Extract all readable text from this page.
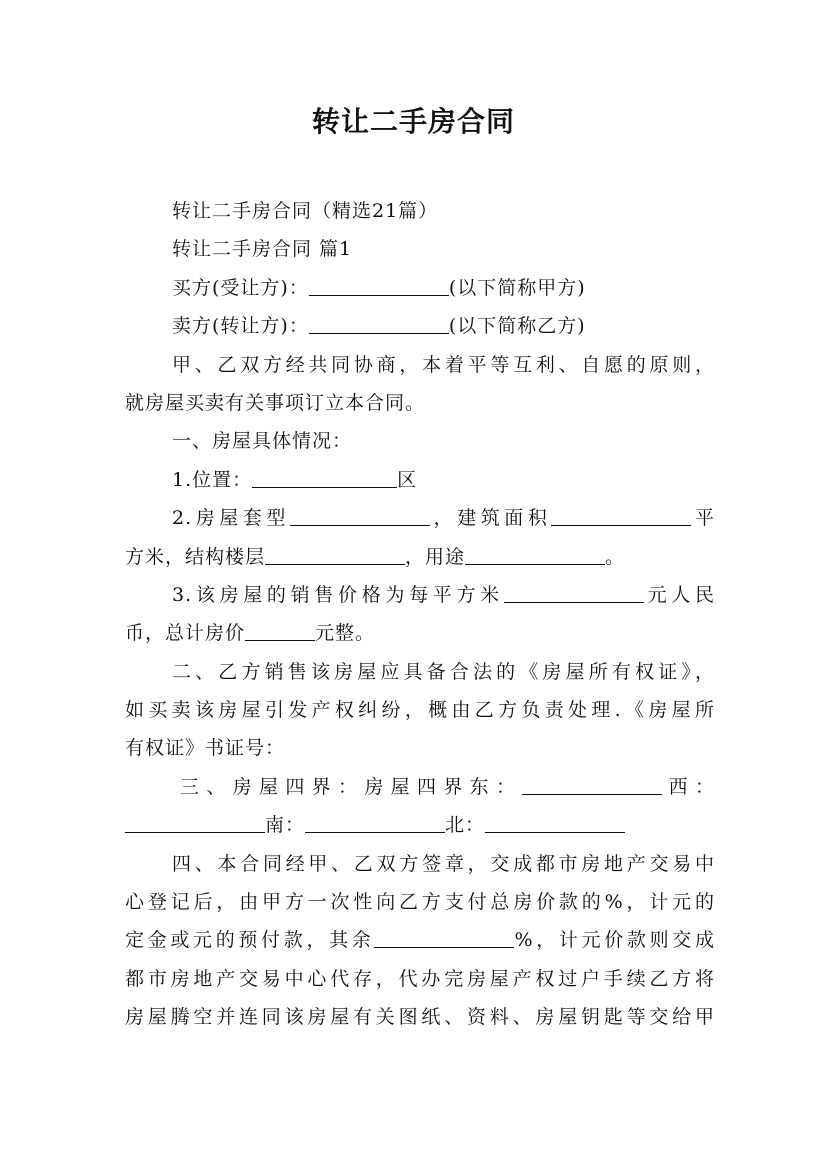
转让二手房合同
转让二手房合同（精选21篇）
转让二手房合同 篇1
买方(受让方)：	(以下简称甲方)
卖方(转让方)：	(以下简称乙方)
甲、乙双方经共同协商，本着平等互利、自愿的原则，
就房屋买卖有关事项订立本合同。
一、房屋具体情况：
1.位置：	区
2.房屋套型	，建筑面积	平
方米，结构楼层	，用途	。
3.该房屋的销售价格为每平方米	元人民
币，总计房价	元整。
二、乙方销售该房屋应具备合法的《房屋所有权证》，
如买卖该房屋引发产权纠纷，概由乙方负责处理.《房屋所
有权证》书证号：
三、房屋四界：房屋四界东：	西：
南：	北：
四、本合同经甲、乙双方签章，交成都市房地产交易中
心登记后，由甲方一次性向乙方支付总房价款的%，计元的
定金或元的预付款，其余	%，计元价款则交成
都市房地产交易中心代存，代办完房屋产权过户手续乙方将
房屋腾空并连同该房屋有关图纸、资料、房屋钥匙等交给甲
